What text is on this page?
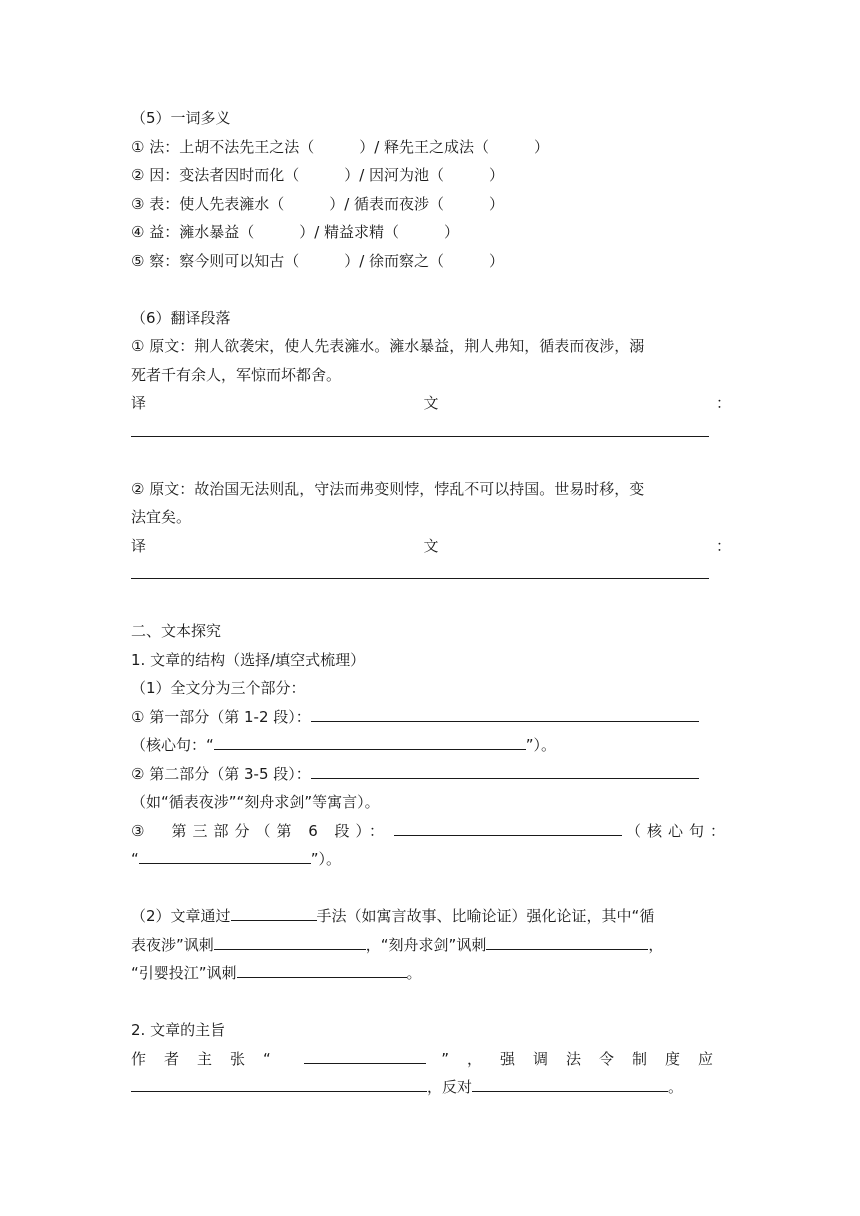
（5）一词多义
① 法：上胡不法先王之法（　　　）/ 释先王之成法（　　　）
② 因：变法者因时而化（　　　）/ 因河为池（　　　）
③ 表：使人先表澭水（　　　）/ 循表而夜涉（　　　）
④ 益：澭水暴益（　　　）/ 精益求精（　　　）
⑤ 察：察今则可以知古（　　　）/ 徐而察之（　　　）
（6）翻译段落
① 原文：荆人欲袭宋，使人先表澭水。澭水暴益，荆人弗知，循表而夜涉，溺
死者千有余人，军惊而坏都舍。
译	文	：
② 原文：故治国无法则乱，守法而弗变则悖，悖乱不可以持国。世易时移，变
法宜矣。
译	文	：
二、文本探究
1. 文章的结构（选择/填空式梳理）
（1）全文分为三个部分：
① 第一部分（第 1-2 段）：
（核心句：“	”）。
② 第二部分（第 3-5 段）：
（如“循表夜涉”“刻舟求剑”等寓言）。
③　第三部分（第 6 段）：	（核心句：
“	”）。
（2）文章通过	手法（如寓言故事、比喻论证）强化论证，其中“循
表夜涉”讽刺	，“刻舟求剑”讽刺	，
“引婴投江”讽刺	。
2. 文章的主旨
作者主张“	”，强调法令制度应
，反对	。
